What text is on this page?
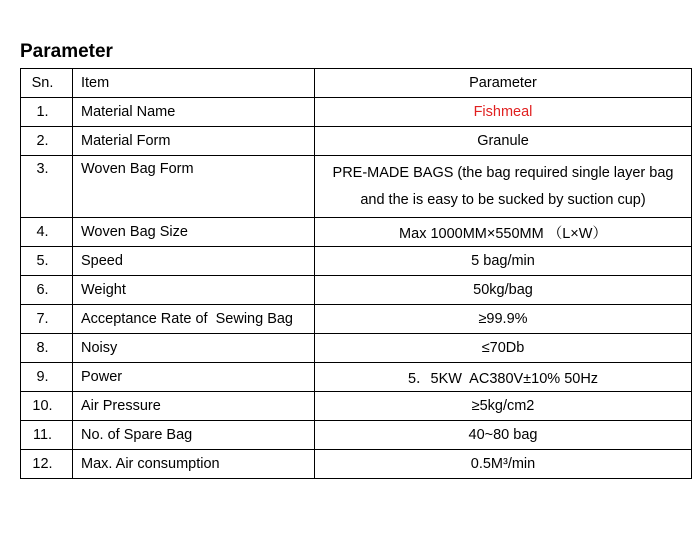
Parameter
Sn.	Item	Parameter
1.	Material Name	Fishmeal
2.	Material Form	Granule
3.	Woven Bag Form	PRE-MADE BAGS (the bag required single layer bag
and the is easy to be sucked by suction cup)

4.	Woven Bag Size	Max 1000MM×550MM （L×W）
5.	Speed	5 bag/min
6.	Weight	50kg/bag
7.	Acceptance Rate of  Sewing Bag	≥99.9%
8.	Noisy	≤70Db
9.	Power	5．5KW  AC380V±10% 50Hz
10.	Air Pressure	≥5kg/cm2
11.	No. of Spare Bag	40~80 bag
12.	Max. Air consumption	0.5M³/min
